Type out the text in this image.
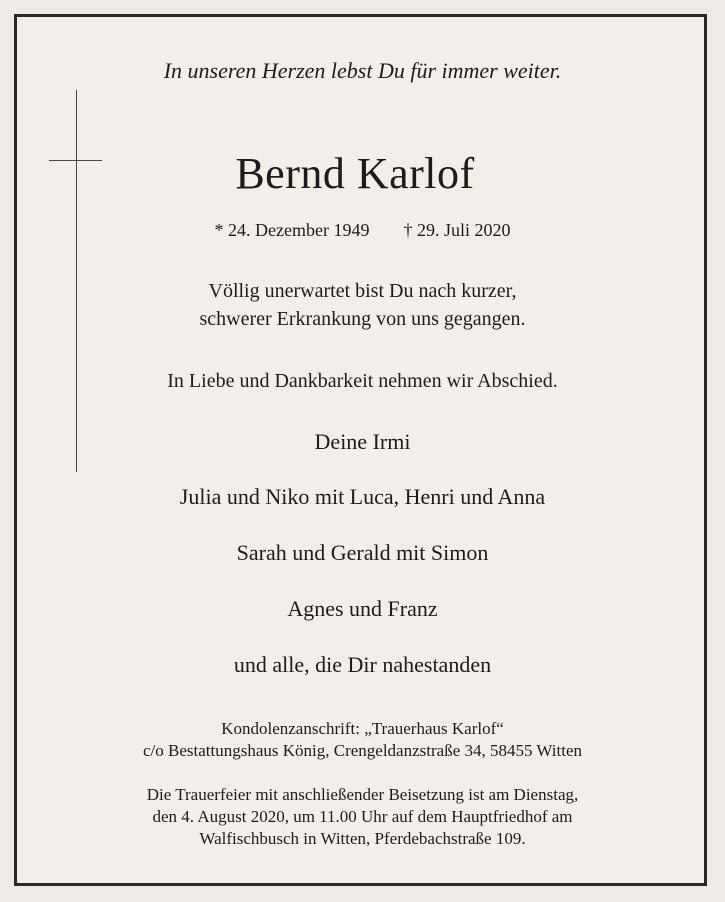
In unseren Herzen lebst Du für immer weiter.

Bernd Karlof

* 24. Dezember 1949 † 29. Juli 2020

Völlig unerwartet bist Du nach kurzer,
schwerer Erkrankung von uns gegangen.

In Liebe und Dankbarkeit nehmen wir Abschied.

Deine Irmi

Julia und Niko mit Luca, Henri und Anna

Sarah und Gerald mit Simon

Agnes und Franz

und alle, die Dir nahestanden

Kondolenzanschrift: „Trauerhaus Karlof“
c/o Bestattungshaus König, Crengeldanzstraße 34, 58455 Witten
Die Trauerfeier mit anschließender Beisetzung ist am Dienstag,
den 4. August 2020, um 11.00 Uhr auf dem Hauptfriedhof am
Walfischbusch in Witten, Pferdebachstraße 109.
